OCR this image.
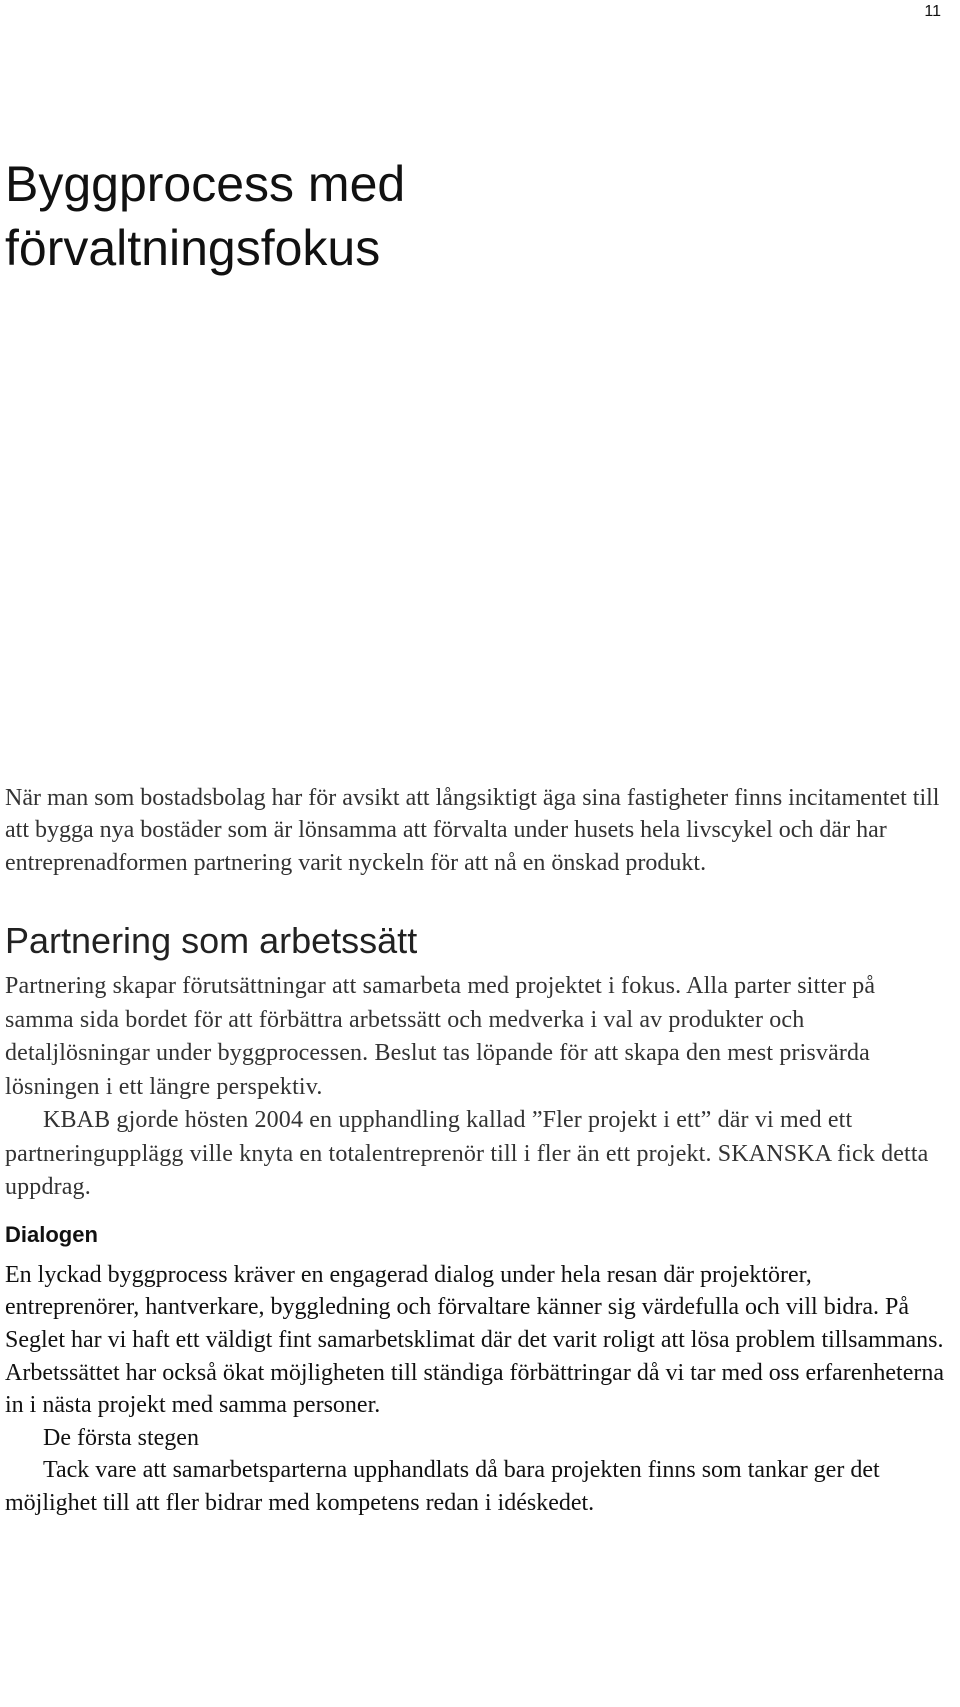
11
Byggprocess med
förvaltningsfokus

När man som bostadsbolag har för avsikt att långsiktigt äga sina fastigheter finns incitamentet till att bygga nya bostäder som är lönsamma att förvalta under husets hela livscykel och där har entreprenadformen partnering varit nyckeln för att nå en önskad produkt.

Partnering som arbetssätt

Partnering skapar förutsättningar att samarbeta med projektet i fokus. Alla parter sitter på samma sida bordet för att förbättra arbetssätt och medverka i val av produkter och detaljlösningar under byggprocessen. Beslut tas löpande för att skapa den mest prisvärda lösningen i ett längre perspektiv.

KBAB gjorde hösten 2004 en upphandling kallad ”Fler projekt i ett” där vi med ett partneringupplägg ville knyta en totalentreprenör till i fler än ett projekt. SKANSKA fick detta uppdrag.

Dialogen

En lyckad byggprocess kräver en engagerad dialog under hela resan där projektörer, entreprenörer, hantverkare, byggledning och förvaltare känner sig värdefulla och vill bidra. På Seglet har vi haft ett väldigt fint samarbetsklimat där det varit roligt att lösa problem tillsammans. Arbetssättet har också ökat möjligheten till ständiga förbättringar då vi tar med oss erfarenheterna in i nästa projekt med samma personer.

De första stegen

Tack vare att samarbetsparterna upphandlats då bara projekten finns som tankar ger det möjlighet till att fler bidrar med kompetens redan i idéskedet.
